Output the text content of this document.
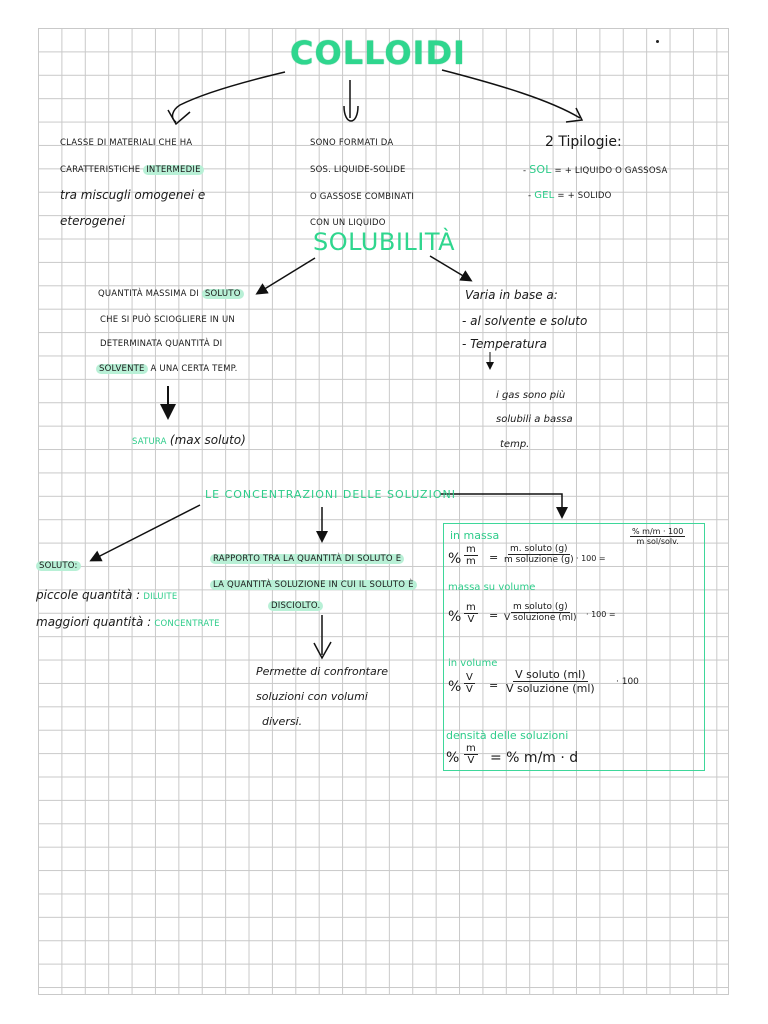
COLLOIDI
CLASSE DI MATERIALI CHE HA
CARATTERISTICHE INTERMEDIE
tra miscugli omogenei e
eterogenei
SONO FORMATI DA
SOS. LIQUIDE-SOLIDE
O GASSOSE COMBINATI
CON UN LIQUIDO
2 Tipilogie:
- SOL = + LIQUIDO O GASSOSA
- GEL = + SOLIDO
SOLUBILITÀ
QUANTITÀ MASSIMA DI SOLUTO
CHE SI PUÒ SCIOGLIERE IN UN
DETERMINATA QUANTITÀ DI
SOLVENTE A UNA CERTA TEMP.
SATURA (max soluto)
Varia in base a:
- al solvente e soluto
- Temperatura
i gas sono più
solubili a bassa
temp.
LE CONCENTRAZIONI DELLE SOLUZIONI
SOLUTO:
piccole quantità : DILUITE
maggiori quantità : CONCENTRATE
RAPPORTO TRA LA QUANTITÀ DI SOLUTO E
LA QUANTITÀ SOLUZIONE IN CUI IL SOLUTO È
DISCIOLTO.
Permette di confrontare
soluzioni con volumi
diversi.
in massa
% $\frac{m}{m}$ =
m. soluto (g)
m soluzione (g) · 100 =
% m/m · 100
m sol/solv.
massa su volume
% $\frac{m}{V}$ =
m soluto (g)
V soluzione (ml) · 100 =
in volume
% $\frac{V}{V}$ =
V soluto (ml)
V soluzione (ml) · 100
densità delle soluzioni
% $\frac{m}{V}$ = % m/m · d
